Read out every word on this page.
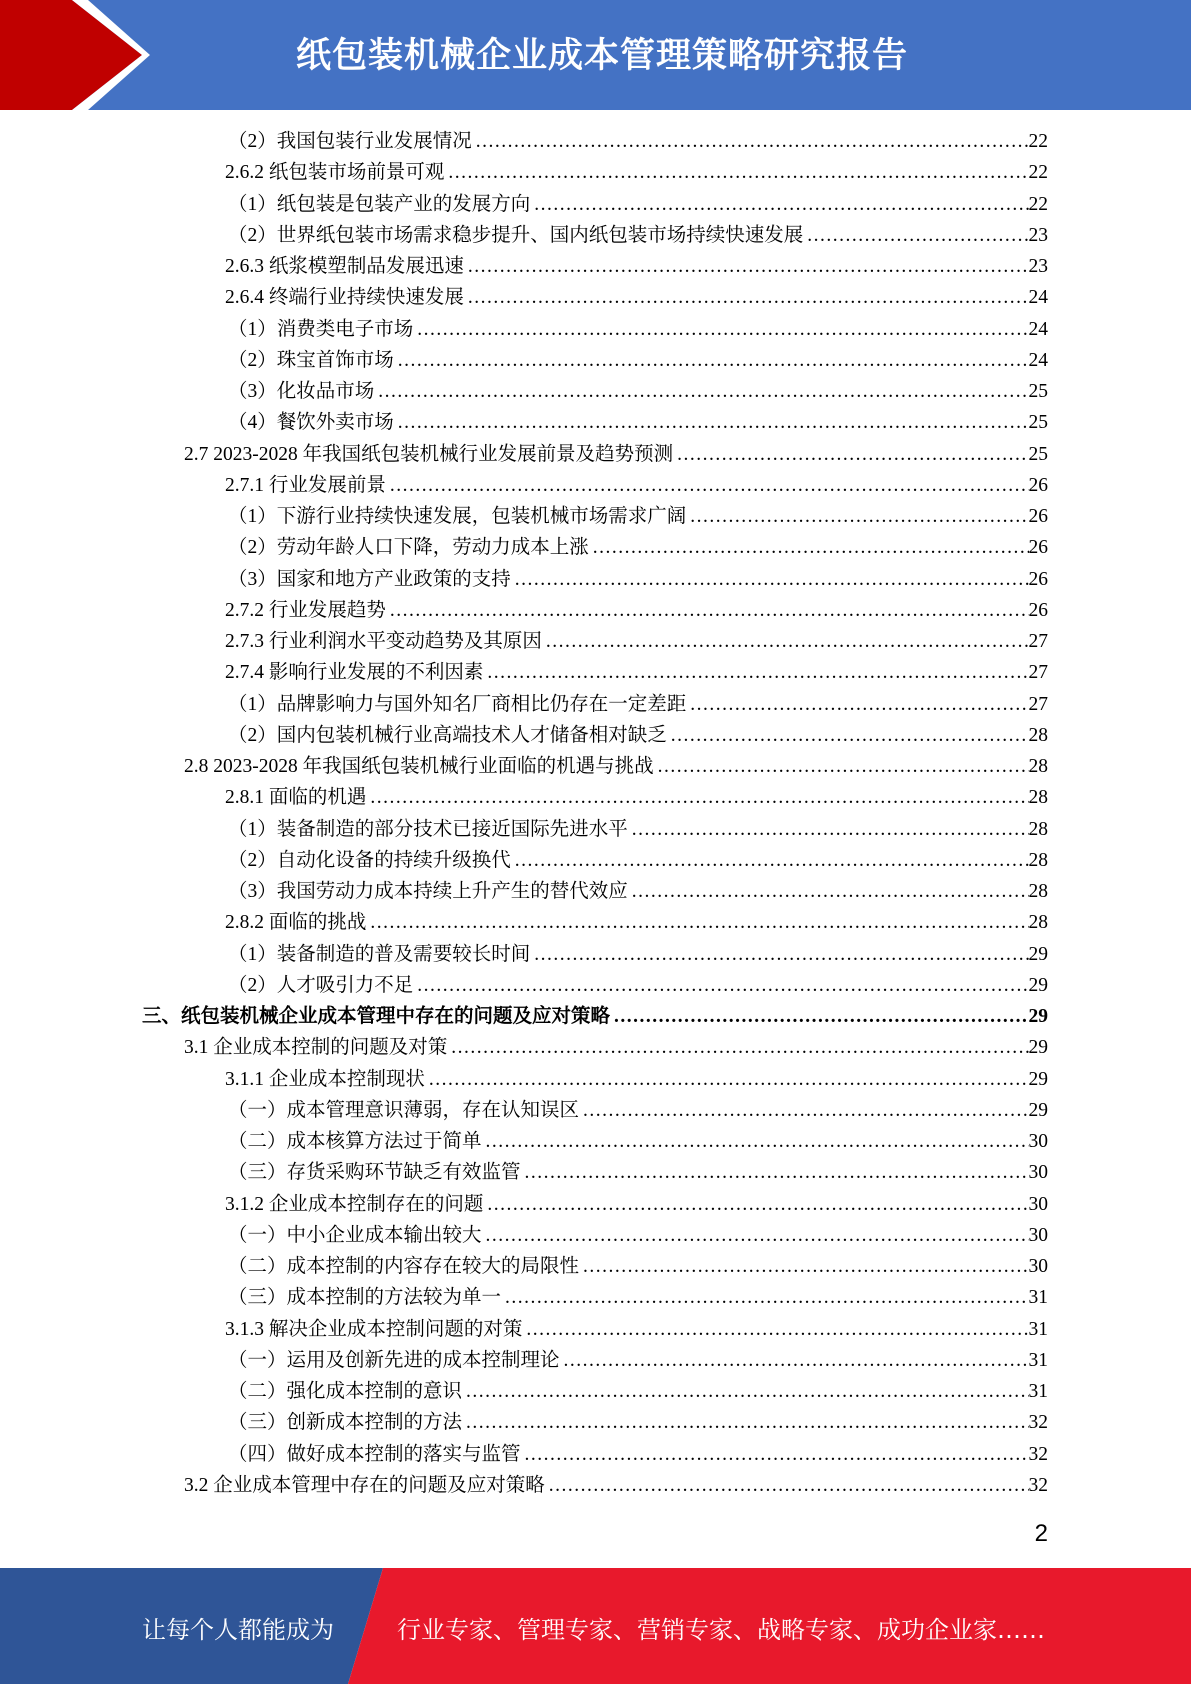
纸包装机械企业成本管理策略研究报告
（2）我国包装行业发展情况 .....	22
2.6.2 纸包装市场前景可观 .....	22
（1）纸包装是包装产业的发展方向 .....	22
（2）世界纸包装市场需求稳步提升、国内纸包装市场持续快速发展 .....	23
2.6.3 纸浆模塑制品发展迅速 .....	23
2.6.4 终端行业持续快速发展 .....	24
（1）消费类电子市场 .....	24
（2）珠宝首饰市场 .....	24
（3）化妆品市场 .....	25
（4）餐饮外卖市场 .....	25
2.7 2023-2028 年我国纸包装机械行业发展前景及趋势预测 .....	25
2.7.1 行业发展前景 .....	26
（1）下游行业持续快速发展，包装机械市场需求广阔 .....	26
（2）劳动年龄人口下降，劳动力成本上涨 .....	26
（3）国家和地方产业政策的支持 .....	26
2.7.2 行业发展趋势 .....	26
2.7.3 行业利润水平变动趋势及其原因 .....	27
2.7.4 影响行业发展的不利因素 .....	27
（1）品牌影响力与国外知名厂商相比仍存在一定差距 .....	27
（2）国内包装机械行业高端技术人才储备相对缺乏 .....	28
2.8 2023-2028 年我国纸包装机械行业面临的机遇与挑战 .....	28
2.8.1 面临的机遇 .....	28
（1）装备制造的部分技术已接近国际先进水平 .....	28
（2）自动化设备的持续升级换代 .....	28
（3）我国劳动力成本持续上升产生的替代效应 .....	28
2.8.2 面临的挑战 .....	28
（1）装备制造的普及需要较长时间 .....	29
（2）人才吸引力不足 .....	29
三、纸包装机械企业成本管理中存在的问题及应对策略 .....	29
3.1 企业成本控制的问题及对策 .....	29
3.1.1 企业成本控制现状 .....	29
（一）成本管理意识薄弱，存在认知误区 .....	29
（二）成本核算方法过于简单 .....	30
（三）存货采购环节缺乏有效监管 .....	30
3.1.2 企业成本控制存在的问题 .....	30
（一）中小企业成本输出较大 .....	30
（二）成本控制的内容存在较大的局限性 .....	30
（三）成本控制的方法较为单一 .....	31
3.1.3 解决企业成本控制问题的对策 .....	31
（一）运用及创新先进的成本控制理论 .....	31
（二）强化成本控制的意识 .....	31
（三）创新成本控制的方法 .....	32
（四）做好成本控制的落实与监管 .....	32
3.2 企业成本管理中存在的问题及应对策略 .....	32
2
让每个人都能成为	行业专家、管理专家、营销专家、战略专家、成功企业家……
